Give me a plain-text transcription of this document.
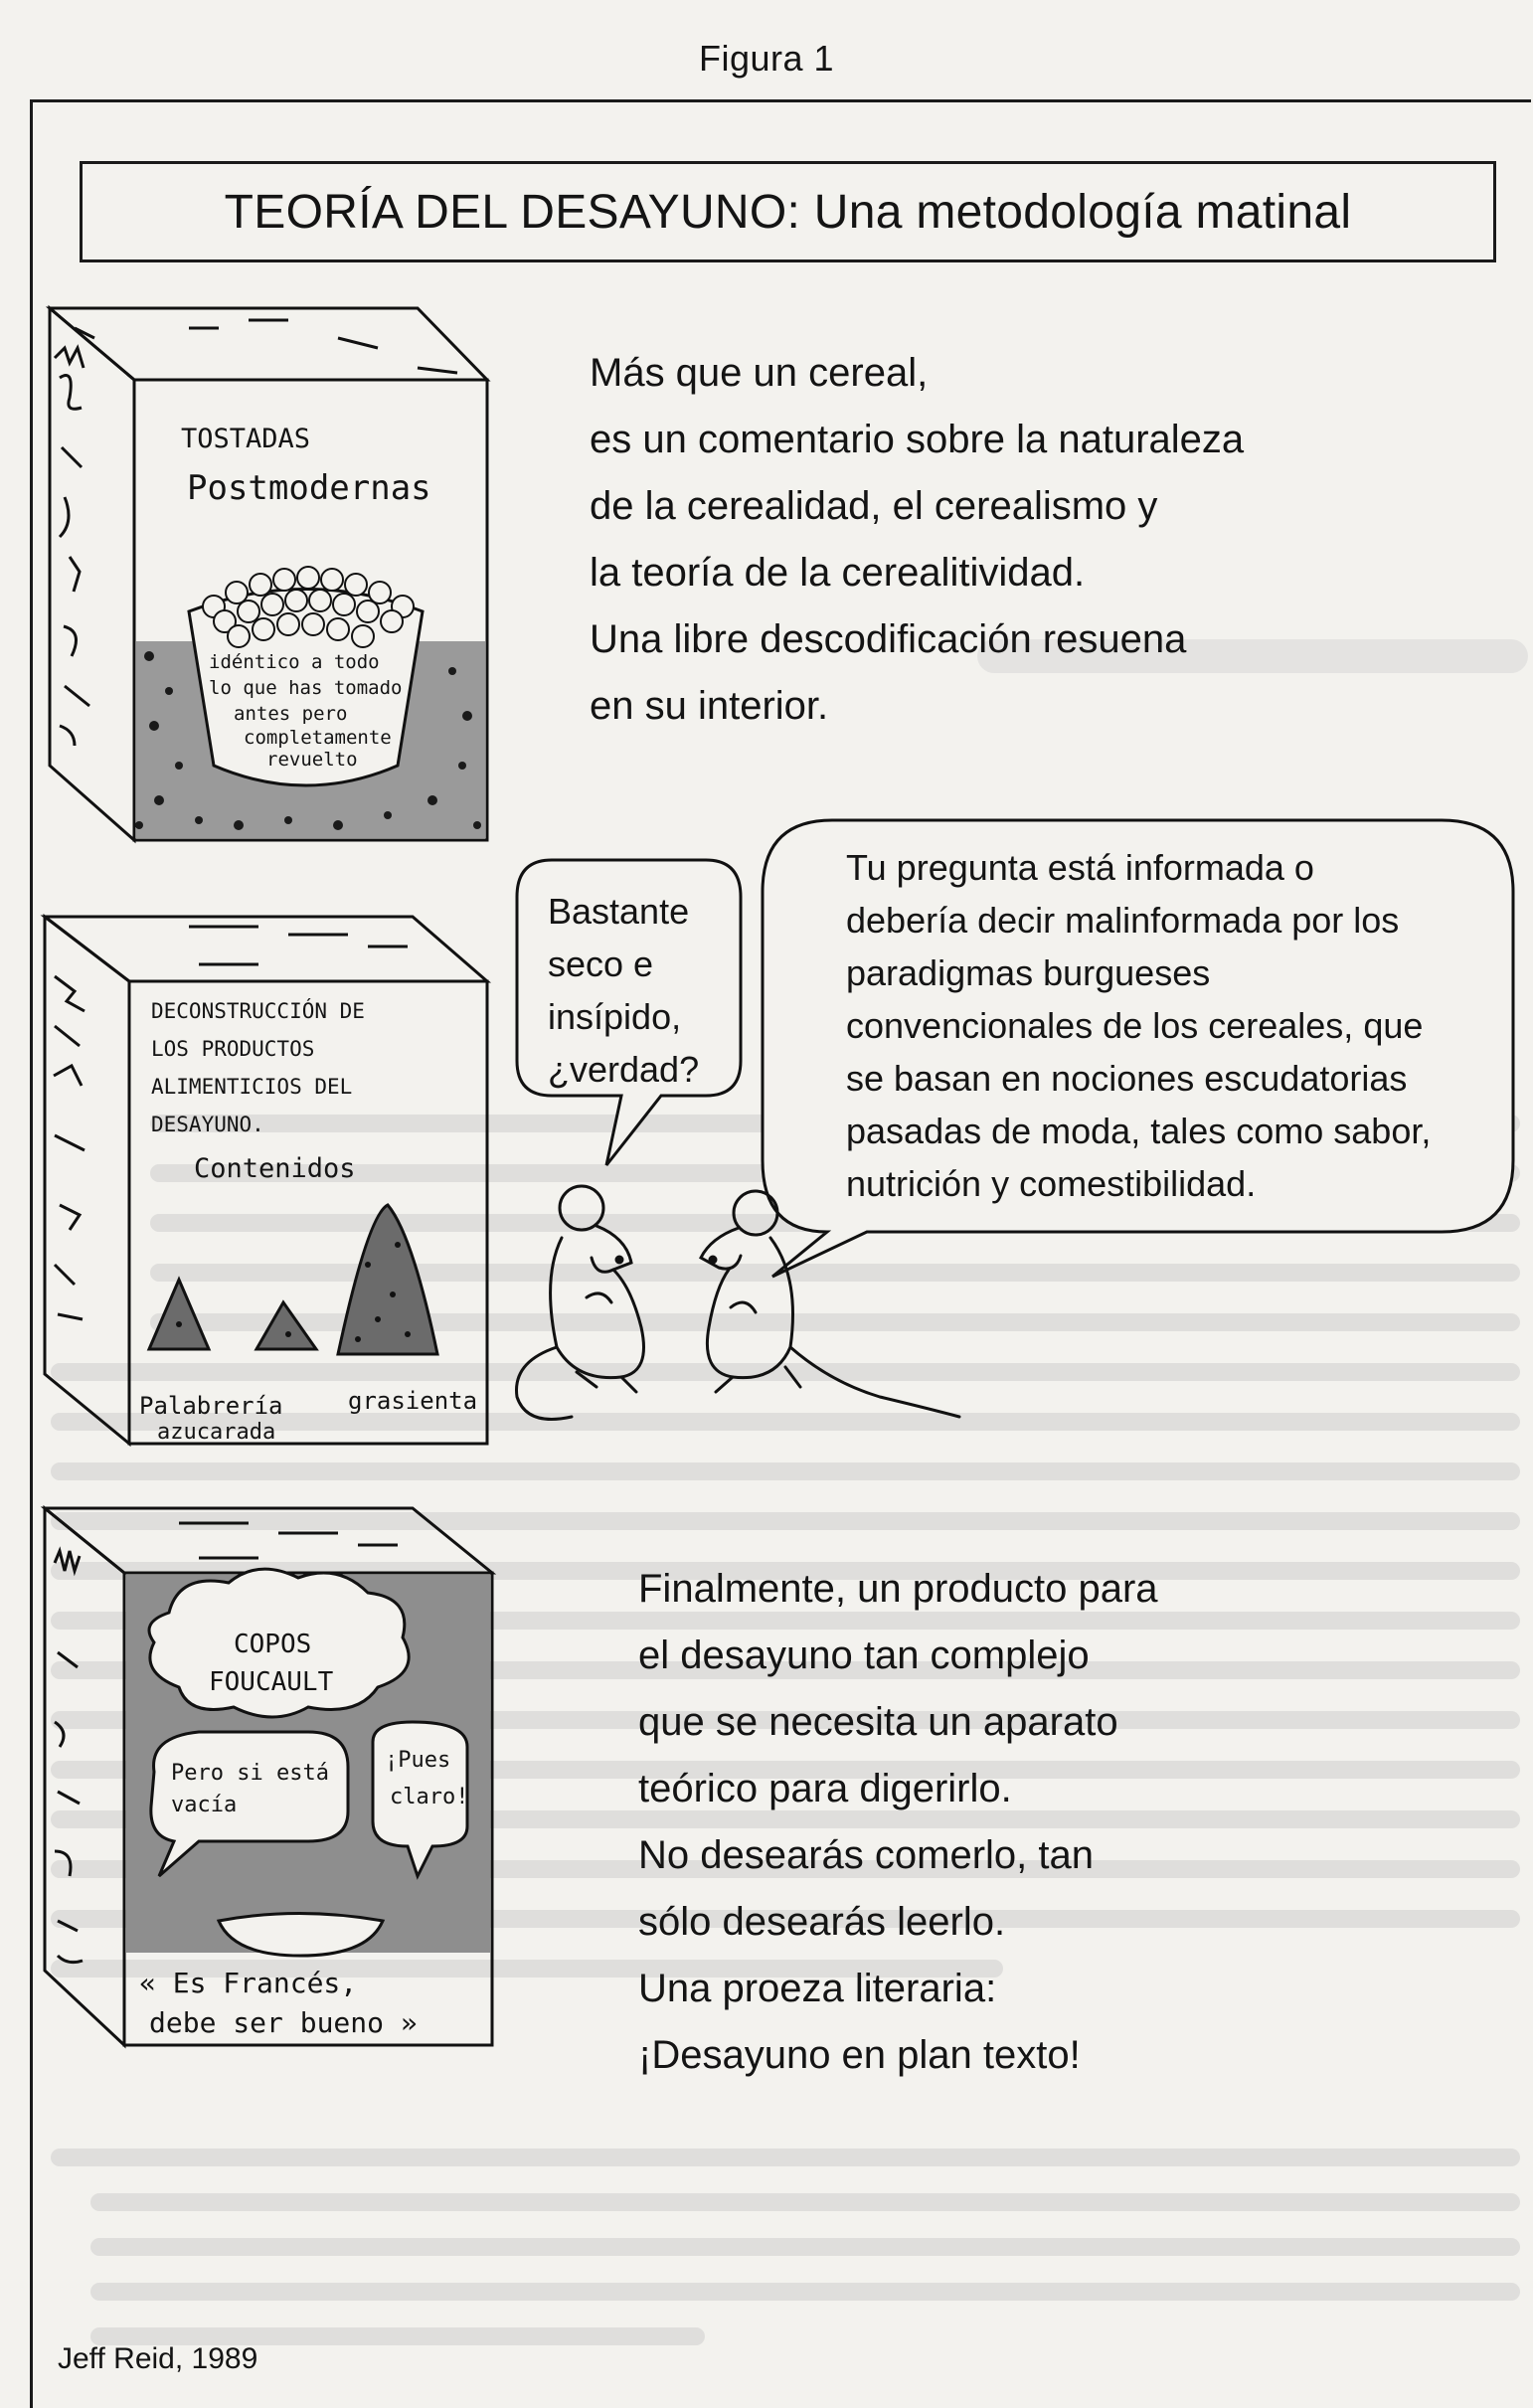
Figura 1
TEORÍA DEL DESAYUNO: Una metodología matinal
TOSTADAS
Postmodernas
idéntico a todo
lo que has tomado
antes pero
completamente
revuelto
Más que un cereal,
es un comentario sobre la naturaleza
de la cerealidad, el cerealismo y
la teoría de la cerealitividad.
Una libre descodificación resuena
en su interior.
DECONSTRUCCIÓN DE
LOS PRODUCTOS
ALIMENTICIOS DEL
DESAYUNO.
Contenidos
Palabrería
azucarada
grasienta
Bastante
seco e
insípido,
¿verdad?
Tu pregunta está informada o
debería decir malinformada por los
paradigmas burgueses
convencionales de los cereales, que
se basan en nociones escudatorias
pasadas de moda, tales como sabor,
nutrición y comestibilidad.
COPOS
FOUCAULT
Pero si está
vacía
¡Pues
claro!
« Es Francés,
debe ser bueno »
Finalmente, un producto para
el desayuno tan complejo
que se necesita un aparato
teórico para digerirlo.
No desearás comerlo, tan
sólo desearás leerlo.
Una proeza literaria:
¡Desayuno en plan texto!
Jeff Reid, 1989
